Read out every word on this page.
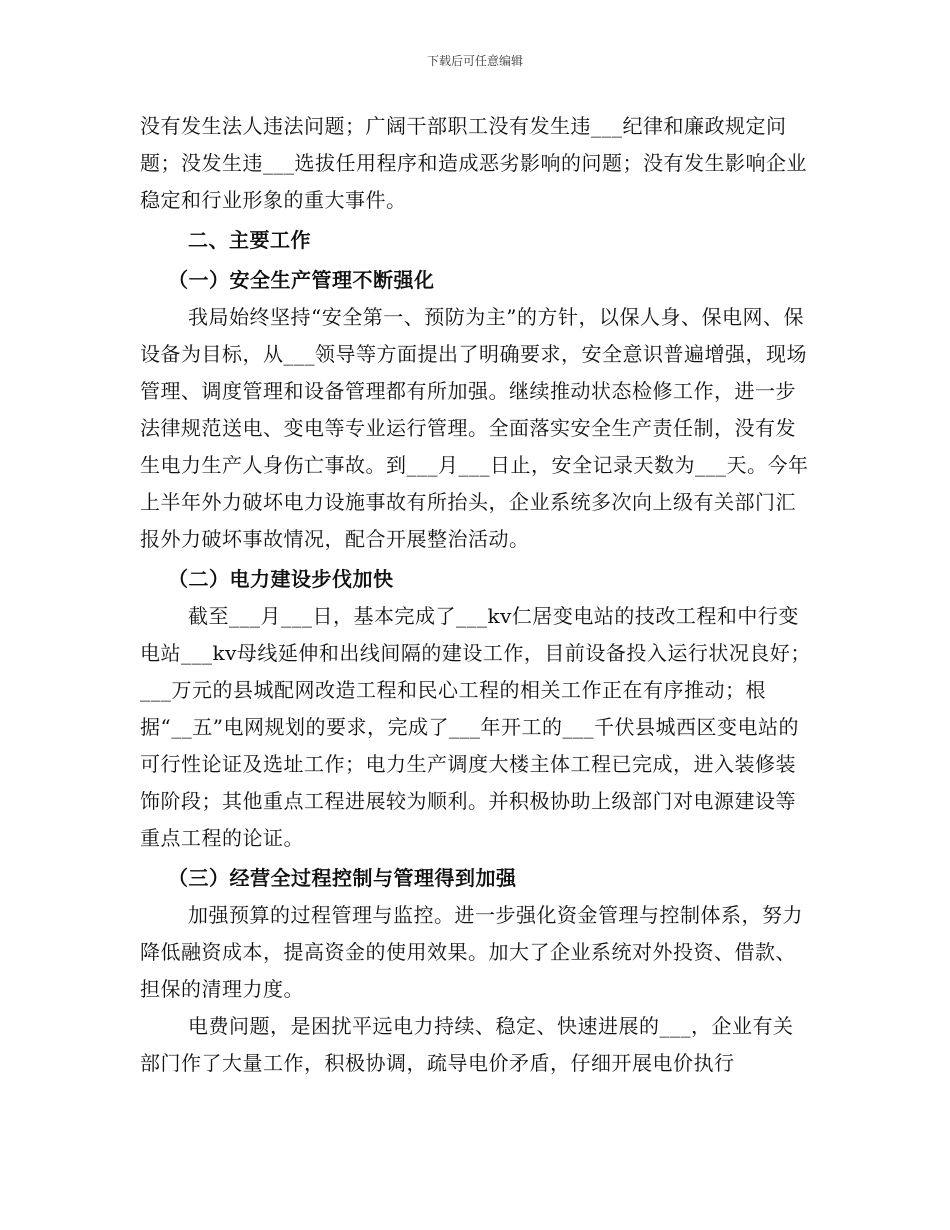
下载后可任意编辑

没有发生法人违法问题；广阔干部职工没有发生违___纪律和廉政规定问题；没发生违___选拔任用程序和造成恶劣影响的问题；没有发生影响企业稳定和行业形象的重大事件。

二、主要工作

（一）安全生产管理不断强化

我局始终坚持“安全第一、预防为主”的方针，以保人身、保电网、保设备为目标，从___领导等方面提出了明确要求，安全意识普遍增强，现场管理、调度管理和设备管理都有所加强。继续推动状态检修工作，进一步法律规范送电、变电等专业运行管理。全面落实安全生产责任制，没有发生电力生产人身伤亡事故。到___月___日止，安全记录天数为___天。今年上半年外力破坏电力设施事故有所抬头，企业系统多次向上级有关部门汇报外力破坏事故情况，配合开展整治活动。

（二）电力建设步伐加快

截至___月___日，基本完成了___kv仁居变电站的技改工程和中行变电站___kv母线延伸和出线间隔的建设工作，目前设备投入运行状况良好；___万元的县城配网改造工程和民心工程的相关工作正在有序推动；根据“__五”电网规划的要求，完成了___年开工的___千伏县城西区变电站的可行性论证及选址工作；电力生产调度大楼主体工程已完成，进入装修装饰阶段；其他重点工程进展较为顺利。并积极协助上级部门对电源建设等重点工程的论证。

（三）经营全过程控制与管理得到加强

加强预算的过程管理与监控。进一步强化资金管理与控制体系，努力降低融资成本，提高资金的使用效果。加大了企业系统对外投资、借款、担保的清理力度。

电费问题，是困扰平远电力持续、稳定、快速进展的___，企业有关部门作了大量工作，积极协调，疏导电价矛盾，仔细开展电价执行
